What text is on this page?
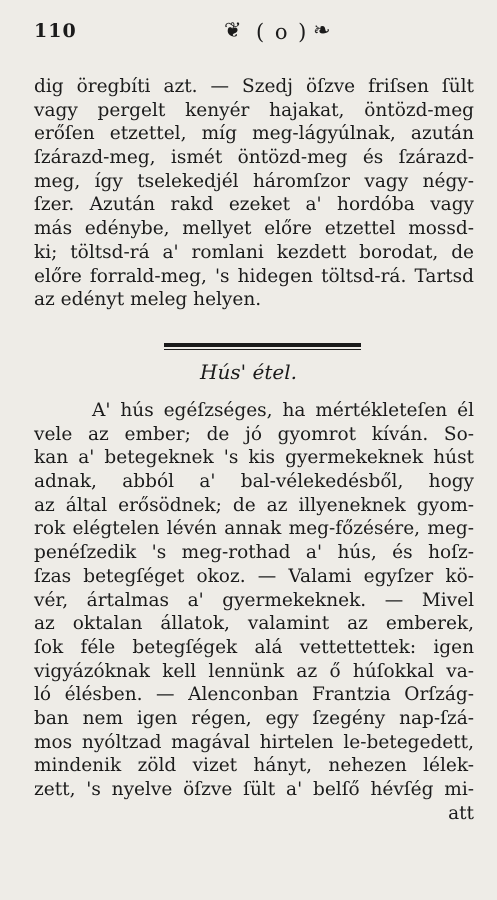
110	❦ ( o ) ❧
dig öregbíti azt. — Szedj öſzve friſsen ſült
vagy pergelt kenyér hajakat, öntözd-meg
erőſen etzettel, míg meg-lágyúlnak, azután
ſzárazd-meg, ismét öntözd-meg és ſzárazd-
meg, így tselekedjél háromſzor vagy négy-
ſzer. Azután rakd ezeket a' hordóba vagy
más edénybe, mellyet előre etzettel mossd-
ki; töltsd-rá a' romlani kezdett borodat, de
előre forrald-meg, 's hidegen töltsd-rá. Tartsd
az edényt meleg helyen.
Hús' étel.
A' hús egéſzséges, ha mértékleteſen él
vele az ember; de jó gyomrot kíván. So-
kan a' betegeknek 's kis gyermekeknek húst
adnak, abból a' bal-vélekedésből, hogy
az által erősödnek; de az illyeneknek gyom-
rok elégtelen lévén annak meg-főzésére, meg-
penéſzedik 's meg-rothad a' hús, és hoſz-
ſzas betegſéget okoz. — Valami egyſzer kö-
vér, ártalmas a' gyermekeknek. — Mivel
az oktalan állatok, valamint az emberek,
ſok féle betegſégek alá vettettettek: igen
vigyázóknak kell lennünk az ő húſokkal va-
ló élésben. — Alenconban Frantzia Orſzág-
ban nem igen régen, egy ſzegény nap-ſzá-
mos nyóltzad magával hirtelen le-betegedett,
mindenik zöld vizet hányt, nehezen lélek-
zett, 's nyelve öſzve ſült a' belſő hévſég mi-
att
